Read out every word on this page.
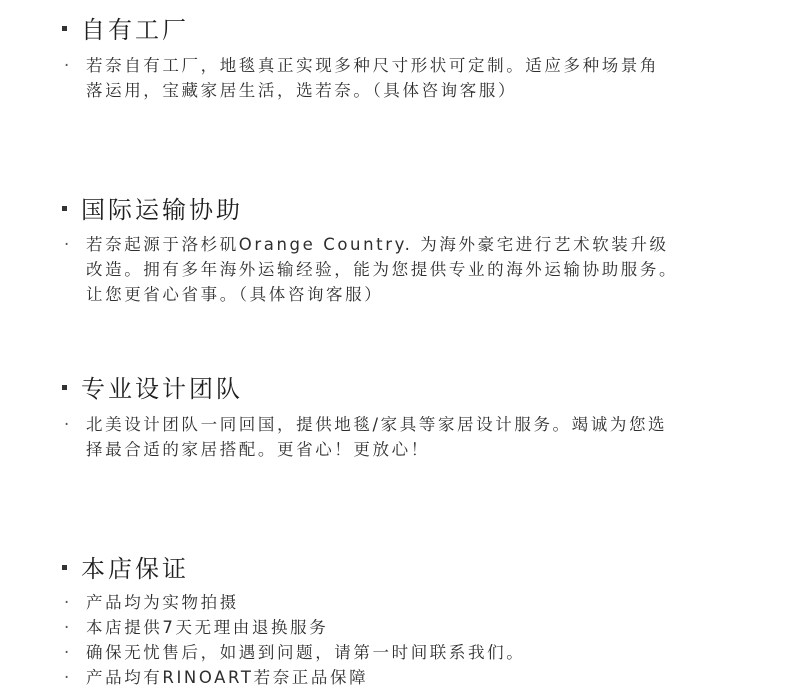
自有工厂
·	若奈自有工厂，地毯真正实现多种尺寸形状可定制。适应多种场景角
落运用，宝藏家居生活，选若奈。（具体咨询客服）
国际运输协助
·	若奈起源于洛杉矶Orange Country. 为海外豪宅进行艺术软装升级
改造。拥有多年海外运输经验，能为您提供专业的海外运输协助服务。
让您更省心省事。（具体咨询客服）
专业设计团队
·	北美设计团队一同回国，提供地毯/家具等家居设计服务。竭诚为您选
择最合适的家居搭配。更省心！更放心！
本店保证
·	产品均为实物拍摄
·	本店提供7天无理由退换服务
·	确保无忧售后，如遇到问题，请第一时间联系我们。
·	产品均有RINOART若奈正品保障
